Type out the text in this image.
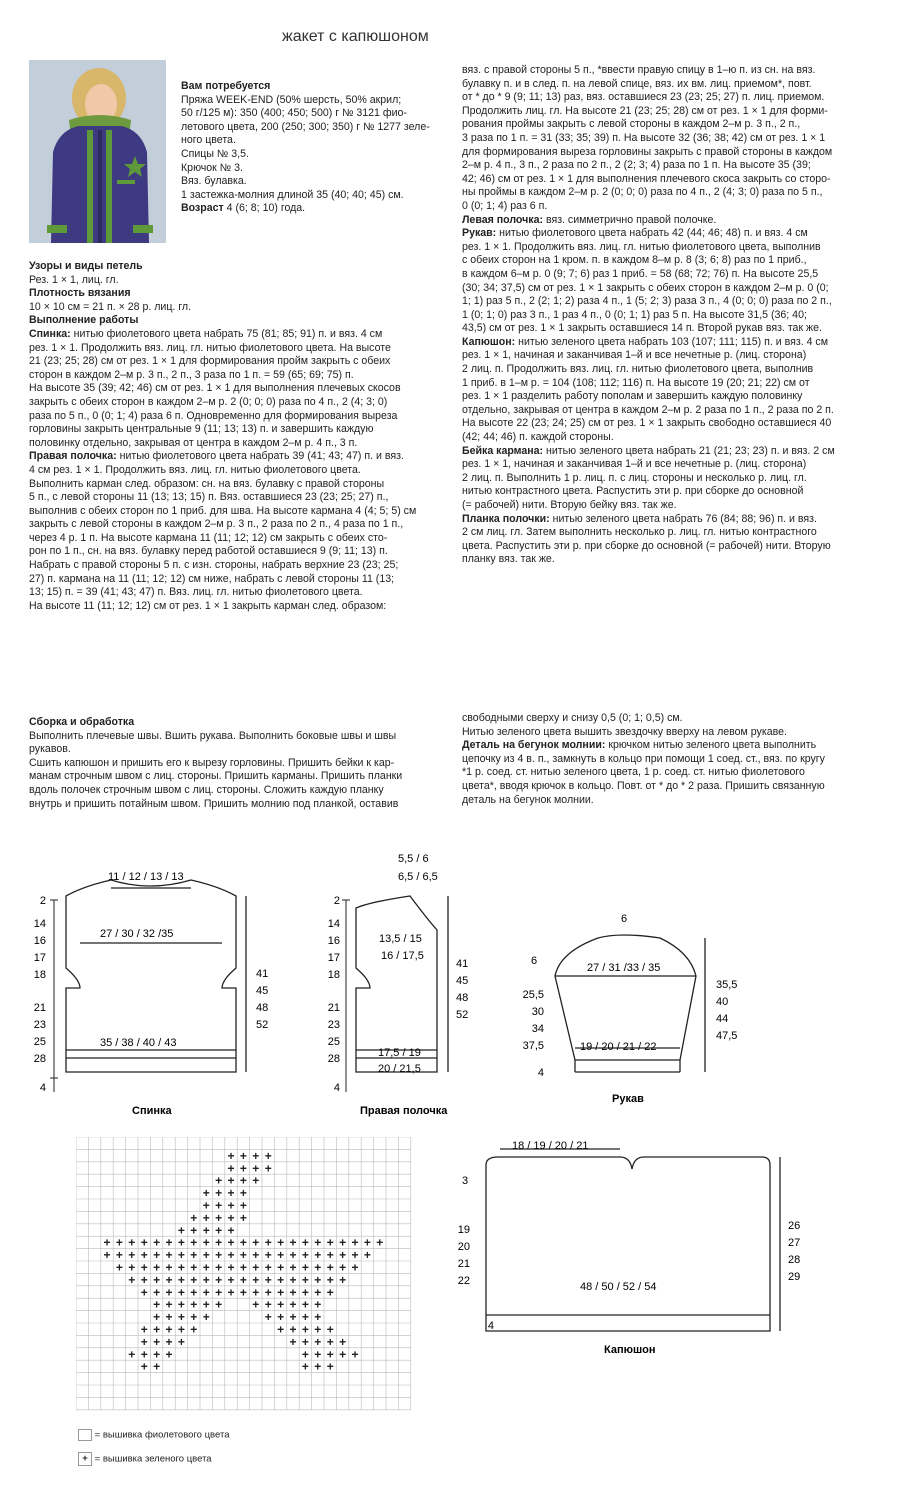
жакет с капюшоном

Вам потребуется

Пряжа WEEK-END (50% шерсть, 50% акрил;

50 г/125 м): 350 (400; 450; 500) г № 3121 фио-

летового цвета, 200 (250; 300; 350) г № 1277 зеле-

ного цвета.

Спицы № 3,5.

Крючок № 3.

Вяз. булавка.

1 застежка-молния длиной 35 (40; 40; 45) см.

Возраст 4 (6; 8; 10) года.

Узоры и виды петель

Рез. 1 × 1, лиц. гл.

Плотность вязания

10 × 10 см = 21 п. × 28 р. лиц. гл.

Выполнение работы

Спинка: нитью фиолетового цвета набрать 75 (81; 85; 91) п. и вяз. 4 см

рез. 1 × 1. Продолжить вяз. лиц. гл. нитью фиолетового цвета. На высоте

21 (23; 25; 28) см от рез. 1 × 1 для формирования пройм закрыть с обеих

сторон в каждом 2–м р. 3 п., 2 п., 3 раза по 1 п. = 59 (65; 69; 75) п.

На высоте 35 (39; 42; 46) см от рез. 1 × 1 для выполнения плечевых скосов

закрыть с обеих сторон в каждом 2–м р. 2 (0; 0; 0) раза по 4 п., 2 (4; 3; 0)

раза по 5 п., 0 (0; 1; 4) раза 6 п. Одновременно для формирования выреза

горловины закрыть центральные 9 (11; 13; 13) п. и завершить каждую

половинку отдельно, закрывая от центра в каждом 2–м р. 4 п., 3 п.

Правая полочка: нитью фиолетового цвета набрать 39 (41; 43; 47) п. и вяз.

4 см рез. 1 × 1. Продолжить вяз. лиц. гл. нитью фиолетового цвета.

Выполнить карман след. образом: сн. на вяз. булавку с правой стороны

5 п., с левой стороны 11 (13; 13; 15) п. Вяз. оставшиеся 23 (23; 25; 27) п.,

выполнив с обеих сторон по 1 приб. для шва. На высоте кармана 4 (4; 5; 5) см

закрыть с левой стороны в каждом 2–м р. 3 п., 2 раза по 2 п., 4 раза по 1 п.,

через 4 р. 1 п. На высоте кармана 11 (11; 12; 12) см закрыть с обеих сто-

рон по 1 п., сн. на вяз. булавку перед работой оставшиеся 9 (9; 11; 13) п.

Набрать с правой стороны 5 п. с изн. стороны, набрать верхние 23 (23; 25;

27) п. кармана на 11 (11; 12; 12) см ниже, набрать с левой стороны 11 (13;

13; 15) п. = 39 (41; 43; 47) п. Вяз. лиц. гл. нитью фиолетового цвета.

На высоте 11 (11; 12; 12) см от рез. 1 × 1 закрыть карман след. образом:

вяз. с правой стороны 5 п., *ввести правую спицу в 1–ю п. из сн. на вяз.

булавку п. и в след. п. на левой спице, вяз. их вм. лиц. приемом*, повт.

от * до * 9 (9; 11; 13) раз, вяз. оставшиеся 23 (23; 25; 27) п. лиц. приемом.

Продолжить лиц. гл. На высоте 21 (23; 25; 28) см от рез. 1 × 1 для форми-

рования проймы закрыть с левой стороны в каждом 2–м р. 3 п., 2 п.,

3 раза по 1 п. = 31 (33; 35; 39) п. На высоте 32 (36; 38; 42) см от рез. 1 × 1

для формирования выреза горловины закрыть с правой стороны в каждом

2–м р. 4 п., 3 п., 2 раза по 2 п., 2 (2; 3; 4) раза по 1 п. На высоте 35 (39;

42; 46) см от рез. 1 × 1 для выполнения плечевого скоса закрыть со сторо-

ны проймы в каждом 2–м р. 2 (0; 0; 0) раза по 4 п., 2 (4; 3; 0) раза по 5 п.,

0 (0; 1; 4) раз 6 п.

Левая полочка: вяз. симметрично правой полочке.

Рукав: нитью фиолетового цвета набрать 42 (44; 46; 48) п. и вяз. 4 см

рез. 1 × 1. Продолжить вяз. лиц. гл. нитью фиолетового цвета, выполнив

с обеих сторон на 1 кром. п. в каждом 8–м р. 8 (3; 6; 8) раз по 1 приб.,

в каждом 6–м р. 0 (9; 7; 6) раз 1 приб. = 58 (68; 72; 76) п. На высоте 25,5

(30; 34; 37,5) см от рез. 1 × 1 закрыть с обеих сторон в каждом 2–м р. 0 (0;

1; 1) раз 5 п., 2 (2; 1; 2) раза 4 п., 1 (5; 2; 3) раза 3 п., 4 (0; 0; 0) раза по 2 п.,

1 (0; 1; 0) раз 3 п., 1 раз 4 п., 0 (0; 1; 1) раз 5 п. На высоте 31,5 (36; 40;

43,5) см от рез. 1 × 1 закрыть оставшиеся 14 п. Второй рукав вяз. так же.

Капюшон: нитью зеленого цвета набрать 103 (107; 111; 115) п. и вяз. 4 см

рез. 1 × 1, начиная и заканчивая 1–й и все нечетные р. (лиц. сторона)

2 лиц. п. Продолжить вяз. лиц. гл. нитью фиолетового цвета, выполнив

1 приб. в 1–м р. = 104 (108; 112; 116) п. На высоте 19 (20; 21; 22) см от

рез. 1 × 1 разделить работу пополам и завершить каждую половинку

отдельно, закрывая от центра в каждом 2–м р. 2 раза по 1 п., 2 раза по 2 п.

На высоте 22 (23; 24; 25) см от рез. 1 × 1 закрыть свободно оставшиеся 40

(42; 44; 46) п. каждой стороны.

Бейка кармана: нитью зеленого цвета набрать 21 (21; 23; 23) п. и вяз. 2 см

рез. 1 × 1, начиная и заканчивая 1–й и все нечетные р. (лиц. сторона)

2 лиц. п. Выполнить 1 р. лиц. п. с лиц. стороны и несколько р. лиц. гл.

нитью контрастного цвета. Распустить эти р. при сборке до основной

(= рабочей) нити. Вторую бейку вяз. так же.

Планка полочки: нитью зеленого цвета набрать 76 (84; 88; 96) п. и вяз.

2 см лиц. гл. Затем выполнить несколько р. лиц. гл. нитью контрастного

цвета. Распустить эти р. при сборке до основной (= рабочей) нити. Вторую

планку вяз. так же.

Сборка и обработка

Выполнить плечевые швы. Вшить рукава. Выполнить боковые швы и швы

рукавов.

Сшить капюшон и пришить его к вырезу горловины. Пришить бейки к кар-

манам строчным швом с лиц. стороны. Пришить карманы. Пришить планки

вдоль полочек строчным швом с лиц. стороны. Сложить каждую планку

внутрь и пришить потайным швом. Пришить молнию под планкой, оставив

свободными сверху и снизу 0,5 (0; 1; 0,5) см.

Нитью зеленого цвета вышить звездочку вверху на левом рукаве.

Деталь на бегунок молнии: крючком нитью зеленого цвета выполнить

цепочку из 4 в. п., замкнуть в кольцо при помощи 1 соед. ст., вяз. по кругу

*1 р. соед. ст. нитью зеленого цвета, 1 р. соед. ст. нитью фиолетового

цвета*, вводя крючок в кольцо. Повт. от * до * 2 раза. Пришить связанную

деталь на бегунок молнии.

11 / 12 / 13 / 13
27 / 30 / 32 /35
35 / 38 / 40 / 43
2
14
16
17
18
21
23
25
28
4
41
45
48
52
Спинка
5,5 / 6
6,5 / 6,5
13,5 / 15
16 / 17,5
17,5 / 19
20 / 21,5
2
14
16
17
18
21
23
25
28
4
41
45
48
52
Правая полочка
6
6
27 / 31 /33 / 35
19 / 20 / 21 / 22
25,5
30
34
37,5
4
35,5
40
44
47,5
Рукав
+ + + +
+ + + +
+ + + +
+ + + +
+ + + +
+ + + + +
+ + + + +
+ + + + + + + + + + + + + + + + + + + + + + +
+ + + + + + + + + + + + + + + + + + + + + +
+ + + + + + + + + + + + + + + + + + + +
+ + + + + + + + + + + + + + + + + +
+ + + + + + + + + + + + + + + +
+ + + + + +	+ + + + + +
+ + + + +	+ + + + +
+ + + + +	+ + + + +
+ + + +	+ + + + +
+ + + +	+ + + + +
+ +	+ + +
18 / 19 / 20 / 21
3
48 / 50 / 52 / 54
19
20
21
22
4
26
27
28
29
Капюшон
= вышивка фиолетового цвета
+ = вышивка зеленого цвета
